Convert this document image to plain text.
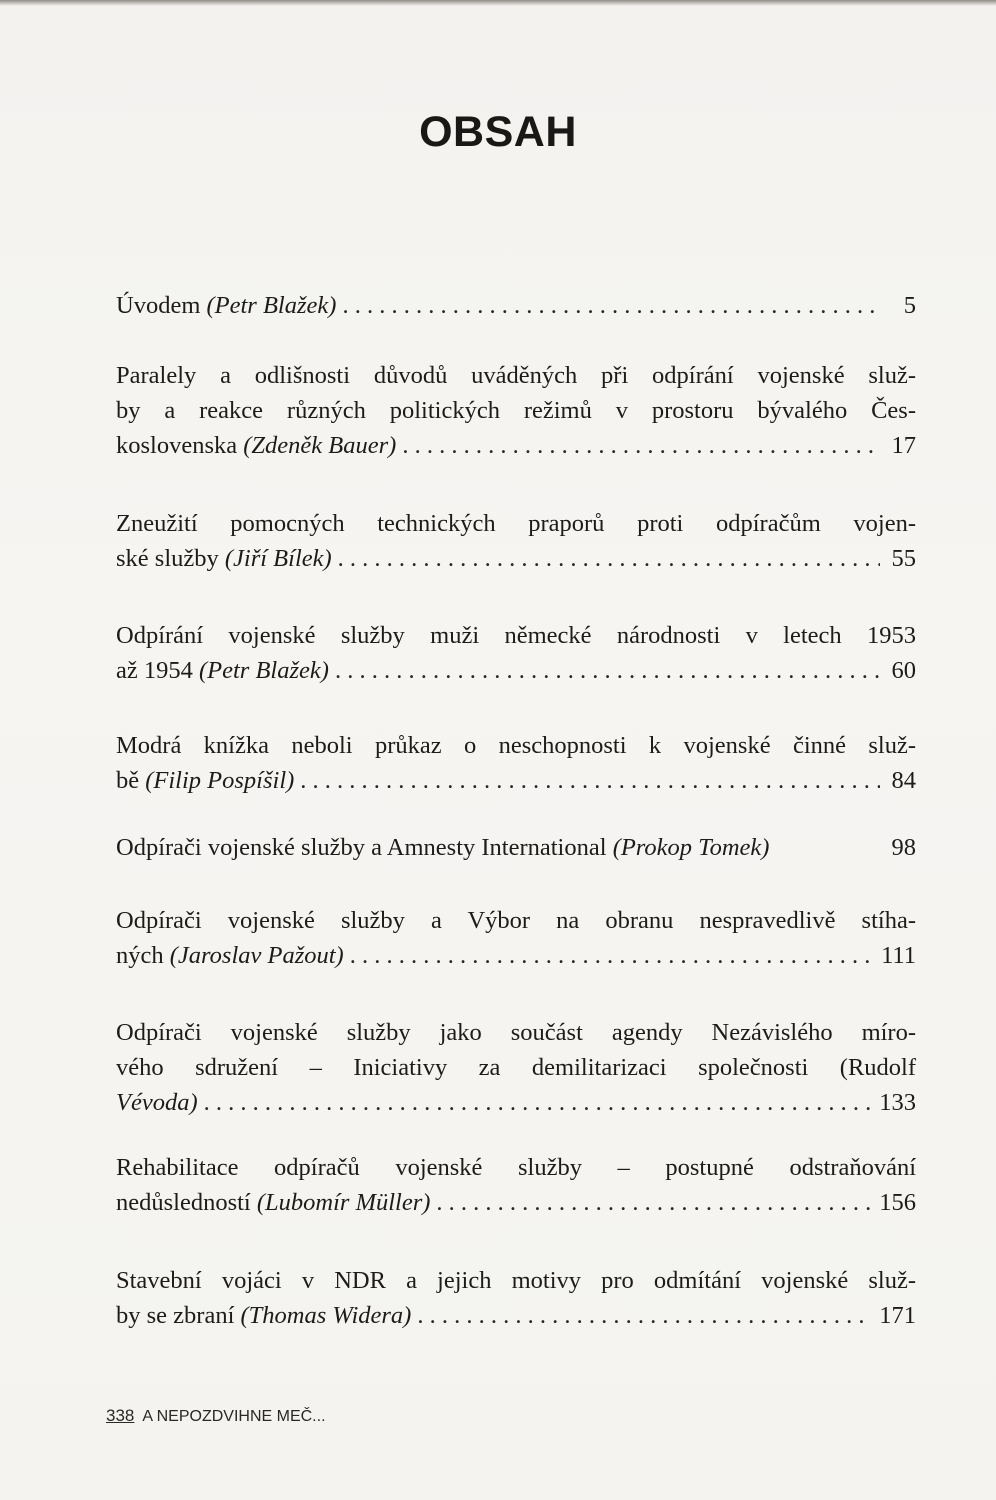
OBSAH
Úvodem (Petr Blažek) . . .	5
Paralely a odlišnosti důvodů uváděných při odpírání vojenské služ-
by a reakce různých politických režimů v prostoru bývalého Čes-
koslovenska (Zdeněk Bauer) . . .	17
Zneužití pomocných technických praporů proti odpíračům vojen-
ské služby (Jiří Bílek) . . .	55
Odpírání vojenské služby muži německé národnosti v letech 1953
až 1954 (Petr Blažek) . . .	60
Modrá knížka neboli průkaz o neschopnosti k vojenské činné služ-
bě (Filip Pospíšil) . . .	84
Odpírači vojenské služby a Amnesty International (Prokop Tomek)	98
Odpírači vojenské služby a Výbor na obranu nespravedlivě stíha-
ných (Jaroslav Pažout) . . .	111
Odpírači vojenské služby jako součást agendy Nezávislého míro-
vého sdružení – Iniciativy za demilitarizaci společnosti (Rudolf
Vévoda) . . .	133
Rehabilitace odpíračů vojenské služby – postupné odstraňování
nedůsledností (Lubomír Müller) . . .	156
Stavební vojáci v NDR a jejich motivy pro odmítání vojenské služ-
by se zbraní (Thomas Widera) . . .	171
338 A NEPOZDVIHNE MEČ...
